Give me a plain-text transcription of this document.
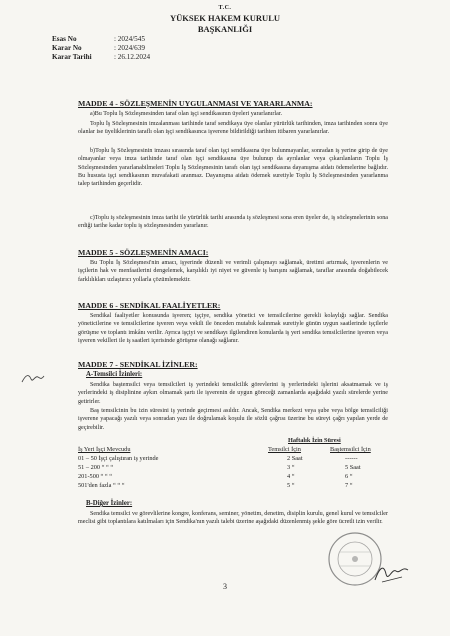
T.C.
YÜKSEK HAKEM KURULU
BAŞKANLIĞI
Esas No	: 2024/545
Karar No	: 2024/639
Karar Tarihi	: 26.12.2024
MADDE 4 - SÖZLEŞMENİN UYGULANMASI VE YARARLANMA:
a)Bu Toplu İş Sözleşmesinden taraf olan işçi sendikasının üyeleri yararlanırlar.
Toplu İş Sözleşmesinin imzalanması tarihinde taraf sendikaya üye olanlar yürürlük tarihinden, imza tarihinden sonra üye olanlar ise üyeliklerinin taraflı olan işçi sendikasınca işverene bildirildiği tarihten itibaren yararlanırlar.
b)Toplu İş Sözleşmesinin imzası sırasında taraf olan işçi sendikasına üye bulunmayanlar, sonradan iş yerine girip de üye olmayanlar veya imza tarihinde taraf olan işçi sendikasına üye bulunup da ayrılanlar veya çıkarılanların Toplu İş Sözleşmesinden yararlanabilmeleri Toplu İş Sözleşmesinin tarafı olan işçi sendikasına dayanışma aidatı ödemelerine bağlıdır. Bu hususta işçi sendikasının muvafakati aranmaz. Dayanışma aidatı ödemek suretiyle Toplu İş Sözleşmesinden yararlanma talep tarihinden geçerlidir.
c)Toplu iş sözleşmesinin imza tarihi ile yürürlük tarihi arasında iş sözleşmesi sona eren üyeler de, iş sözleşmelerinin sona erdiği tarihe kadar toplu iş sözleşmesinden yararlanır.
MADDE 5 - SÖZLEŞMENİN AMACI:
Bu Toplu İş Sözleşmesi'nin amacı, işyerinde düzenli ve verimli çalışmayı sağlamak, üretimi artırmak, işverenlerin ve işçilerin hak ve menfaatlerini dengelemek, karşılıklı iyi niyet ve güvenle iş barışını sağlamak, taraflar arasında doğabilecek farklılıkları uzlaştırıcı yollarla çözümlemektir.
MADDE 6 - SENDİKAL FAALİYETLER:
Sendikal faaliyetler konusunda işveren; işçiye, sendika yönetici ve temsilcilerine gerekli kolaylığı sağlar. Sendika yöneticilerine ve temsilcilerine işveren veya vekili ile önceden mutabık kalınmak suretiyle günün uygun saatlerinde işçilerle görüşme ve toplantı imkânı verilir. Ayrıca işçiyi ve sendikayı ilgilendiren konularda iş yeri sendika temsilcilerine işveren veya işveren vekilleri ile iş saatleri içerisinde görüşme olanağı sağlanır.
MADDE 7 - SENDİKAL İZİNLER:
A-Temsilci İzinleri:
Sendika baştemsilci veya temsilcileri iş yerindeki temsilcilik görevlerini iş yerlerindeki işlerini aksatmamak ve iş yerlerindeki iş disiplinine aykırı olmamak şartı ile işverenin de uygun göreceği zamanlarda aşağıdaki yazılı sürelerde yerine getirirler.
Baş temsilcinin bu izin süresini iş yerinde geçirmesi asıldır. Ancak, Sendika merkezi veya şube veya bölge temsilciliği işverene yapacağı yazılı veya sonradan yazı ile doğrulamak koşulu ile sözlü çağrısı üzerine bu süreyi çağrı yapılan yerde de geçirebilir.
Haftalık İzin Süresi
İş Yeri İşçi Mevcudu	Temsilci İçin	Baştemsilci İçin
01 – 50 İşçi çalıştıran iş yerinde	2 Saat	------
51 – 200 “ “ “	3 “	5 Saat
201-500 “ “ “	4 “	6 “
501'den fazla “ “ “	5 “	7 “
B-Diğer İzinler:
Sendika temsilci ve görevlilerine kongre, konferans, seminer, yönetim, denetim, disiplin kurulu, genel kurul ve temsilciler meclisi gibi toplantılara katılmaları için Sendika'nın yazılı talebi üzerine aşağıdaki düzenlenmiş şekle göre ücretli izin verilir.
3
